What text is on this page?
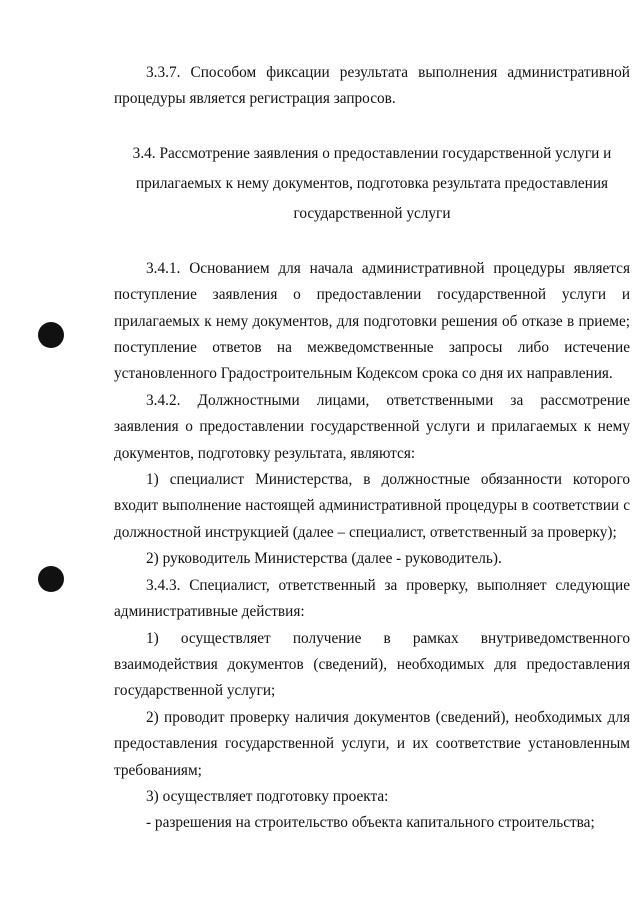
3.3.7. Способом фиксации результата выполнения административной процедуры является регистрация запросов.

3.4. Рассмотрение заявления о предоставлении государственной услуги и
прилагаемых к нему документов, подготовка результата предоставления
государственной услуги

3.4.1. Основанием для начала административной процедуры является поступление заявления о предоставлении государственной услуги и прилагаемых к нему документов, для подготовки решения об отказе в приеме; поступление ответов на межведомственные запросы либо истечение установленного Градостроительным Кодексом срока со дня их направления.

3.4.2. Должностными лицами, ответственными за рассмотрение заявления о предоставлении государственной услуги и прилагаемых к нему документов, подготовку результата, являются:

1) специалист Министерства, в должностные обязанности которого входит выполнение настоящей административной процедуры в соответствии с должностной инструкцией (далее – специалист, ответственный за проверку);

2) руководитель Министерства (далее - руководитель).

3.4.3. Специалист, ответственный за проверку, выполняет следующие административные действия:

1) осуществляет получение в рамках внутриведомственного взаимодействия документов (сведений), необходимых для предоставления государственной услуги;

2) проводит проверку наличия документов (сведений), необходимых для предоставления государственной услуги, и их соответствие установленным требованиям;

3) осуществляет подготовку проекта:

- разрешения на строительство объекта капитального строительства;
